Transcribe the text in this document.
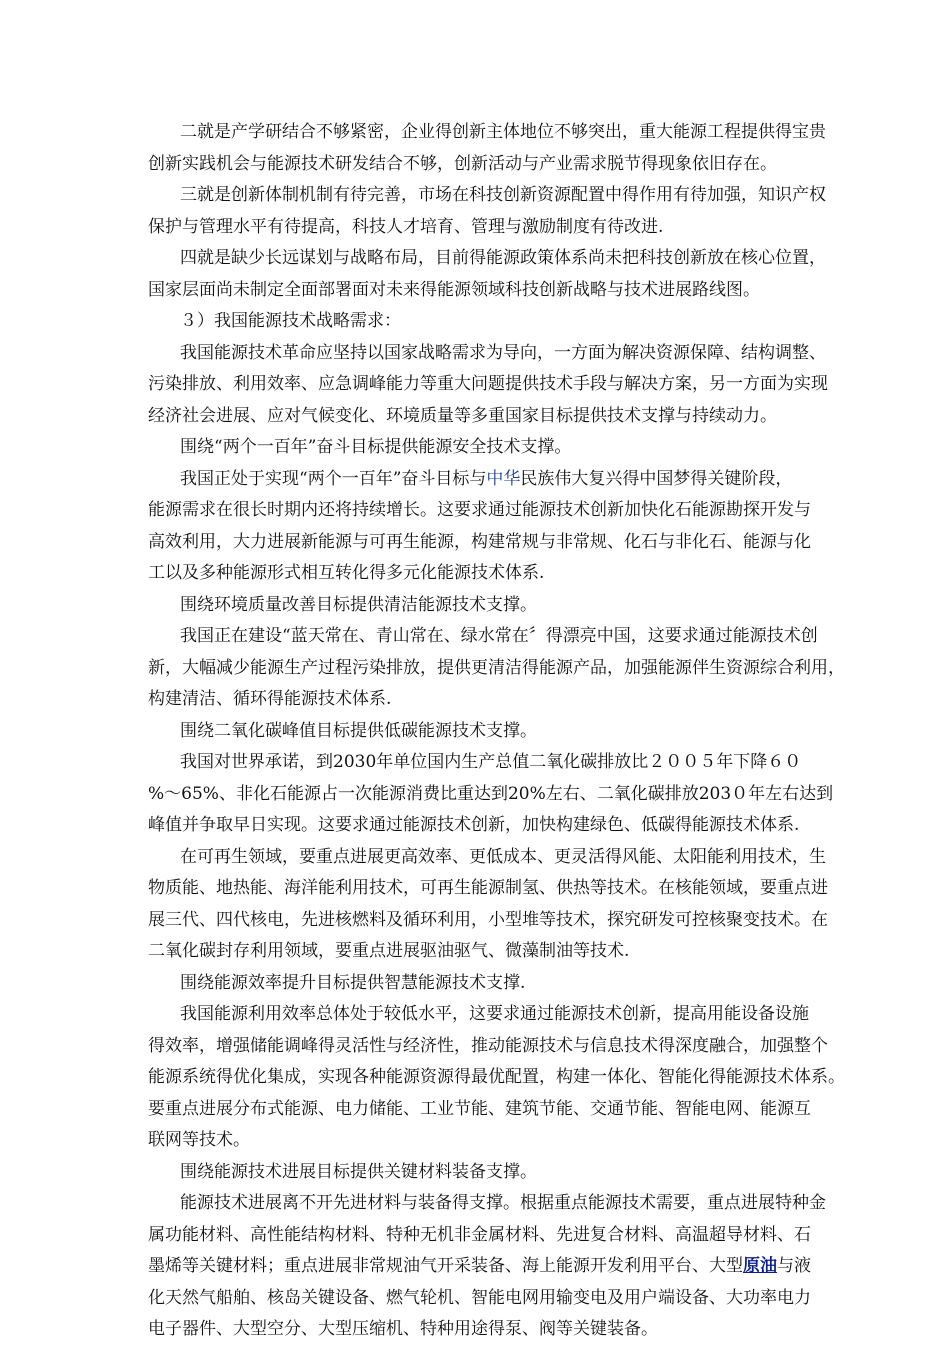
二就是产学研结合不够紧密，企业得创新主体地位不够突出，重大能源工程提供得宝贵
创新实践机会与能源技术研发结合不够，创新活动与产业需求脱节得现象依旧存在。

三就是创新体制机制有待完善，市场在科技创新资源配置中得作用有待加强，知识产权
保护与管理水平有待提高，科技人才培育、管理与激励制度有待改进.

四就是缺少长远谋划与战略布局，目前得能源政策体系尚未把科技创新放在核心位置，
国家层面尚未制定全面部署面对未来得能源领域科技创新战略与技术进展路线图。

３）我国能源技术战略需求：

我国能源技术革命应坚持以国家战略需求为导向，一方面为解决资源保障、结构调整、
污染排放、利用效率、应急调峰能力等重大问题提供技术手段与解决方案，另一方面为实现
经济社会进展、应对气候变化、环境质量等多重国家目标提供技术支撑与持续动力。

围绕“两个一百年”奋斗目标提供能源安全技术支撑。

我国正处于实现“两个一百年”奋斗目标与中华民族伟大复兴得中国梦得关键阶段，
能源需求在很长时期内还将持续增长。这要求通过能源技术创新加快化石能源勘探开发与
高效利用，大力进展新能源与可再生能源，构建常规与非常规、化石与非化石、能源与化
工以及多种能源形式相互转化得多元化能源技术体系.

围绕环境质量改善目标提供清洁能源技术支撑。

我国正在建设“蓝天常在、青山常在、绿水常在〞得漂亮中国，这要求通过能源技术创
新，大幅减少能源生产过程污染排放，提供更清洁得能源产品，加强能源伴生资源综合利用，
构建清洁、循环得能源技术体系.

围绕二氧化碳峰值目标提供低碳能源技术支撑。

我国对世界承诺，到2030年单位国内生产总值二氧化碳排放比２００５年下降６０
%～65%、非化石能源占一次能源消费比重达到20%左右、二氧化碳排放203０年左右达到
峰值并争取早日实现。这要求通过能源技术创新，加快构建绿色、低碳得能源技术体系.

在可再生领域，要重点进展更高效率、更低成本、更灵活得风能、太阳能利用技术，生
物质能、地热能、海洋能利用技术，可再生能源制氢、供热等技术。在核能领域，要重点进
展三代、四代核电，先进核燃料及循环利用，小型堆等技术，探究研发可控核聚变技术。在
二氧化碳封存利用领域，要重点进展驱油驱气、微藻制油等技术.

围绕能源效率提升目标提供智慧能源技术支撑.

我国能源利用效率总体处于较低水平，这要求通过能源技术创新，提高用能设备设施
得效率，增强储能调峰得灵活性与经济性，推动能源技术与信息技术得深度融合，加强整个
能源系统得优化集成，实现各种能源资源得最优配置，构建一体化、智能化得能源技术体系。
要重点进展分布式能源、电力储能、工业节能、建筑节能、交通节能、智能电网、能源互
联网等技术。

围绕能源技术进展目标提供关键材料装备支撑。

能源技术进展离不开先进材料与装备得支撑。根据重点能源技术需要，重点进展特种金
属功能材料、高性能结构材料、特种无机非金属材料、先进复合材料、高温超导材料、石
墨烯等关键材料；重点进展非常规油气开采装备、海上能源开发利用平台、大型原油与液
化天然气船舶、核岛关键设备、燃气轮机、智能电网用输变电及用户端设备、大功率电力
电子器件、大型空分、大型压缩机、特种用途得泵、阀等关键装备。
